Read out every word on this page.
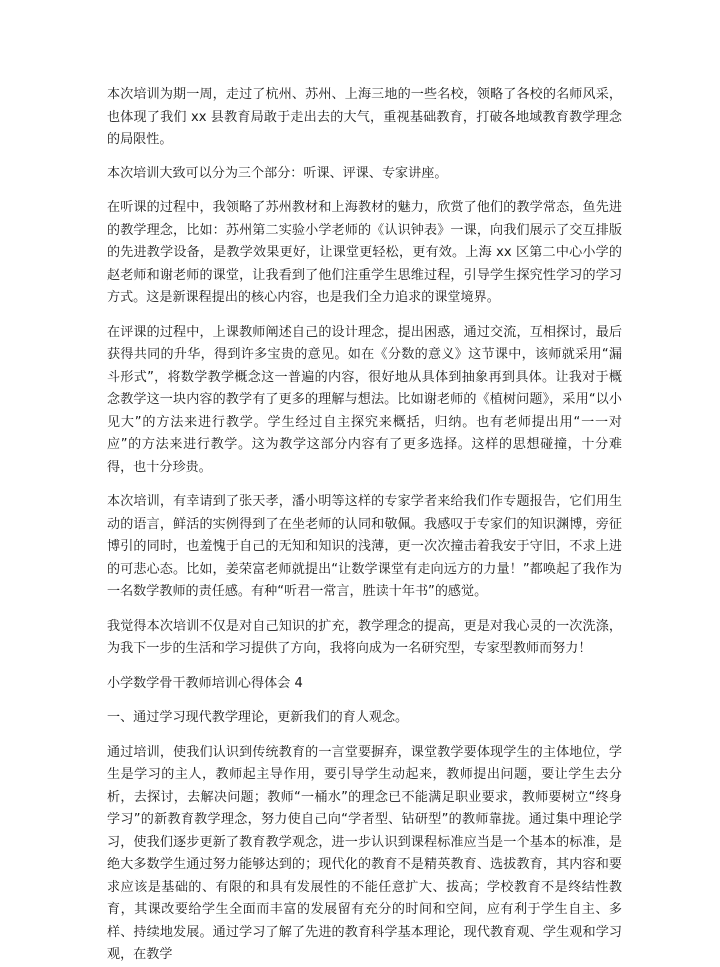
本次培训为期一周，走过了杭州、苏州、上海三地的一些名校，领略了各校的名师风采，也体现了我们 xx 县教育局敢于走出去的大气，重视基础教育，打破各地域教育教学理念的局限性。

本次培训大致可以分为三个部分：听课、评课、专家讲座。

在听课的过程中，我领略了苏州教材和上海教材的魅力，欣赏了他们的教学常态，鱼先进的教学理念，比如：苏州第二实验小学老师的《认识钟表》一课，向我们展示了交互排版的先进教学设备，是教学效果更好，让课堂更轻松，更有效。上海 xx 区第二中心小学的赵老师和谢老师的课堂，让我看到了他们注重学生思维过程，引导学生探究性学习的学习方式。这是新课程提出的核心内容，也是我们全力追求的课堂境界。

在评课的过程中，上课教师阐述自己的设计理念，提出困惑，通过交流，互相探讨，最后获得共同的升华，得到许多宝贵的意见。如在《分数的意义》这节课中，该师就采用“漏斗形式”，将数学教学概念这一普遍的内容，很好地从具体到抽象再到具体。让我对于概念教学这一块内容的教学有了更多的理解与想法。比如谢老师的《植树问题》，采用“以小见大”的方法来进行教学。学生经过自主探究来概括，归纳。也有老师提出用“一一对应”的方法来进行教学。这为教学这部分内容有了更多选择。这样的思想碰撞，十分难得，也十分珍贵。

本次培训，有幸请到了张天孝，潘小明等这样的专家学者来给我们作专题报告，它们用生动的语言，鲜活的实例得到了在坐老师的认同和敬佩。我感叹于专家们的知识渊博，旁征博引的同时，也羞愧于自己的无知和知识的浅薄，更一次次撞击着我安于守旧，不求上进的可悲心态。比如，姜荣富老师就提出“让数学课堂有走向远方的力量！”都唤起了我作为一名数学教师的责任感。有种“听君一常言，胜读十年书”的感觉。

我觉得本次培训不仅是对自己知识的扩充，教学理念的提高，更是对我心灵的一次洗涤，为我下一步的生活和学习提供了方向，我将向成为一名研究型，专家型教师而努力！

小学数学骨干教师培训心得体会 4

一、通过学习现代教学理论，更新我们的育人观念。

通过培训，使我们认识到传统教育的一言堂要摒弃，课堂教学要体现学生的主体地位，学生是学习的主人，教师起主导作用，要引导学生动起来，教师提出问题，要让学生去分析，去探讨，去解决问题；教师“一桶水”的理念已不能满足职业要求，教师要树立“终身学习”的新教育教学理念，努力使自己向“学者型、钻研型”的教师靠拢。通过集中理论学习，使我们逐步更新了教育教学观念，进一步认识到课程标准应当是一个基本的标准，是绝大多数学生通过努力能够达到的；现代化的教育不是精英教育、选拔教育，其内容和要求应该是基础的、有限的和具有发展性的不能任意扩大、拔高；学校教育不是终结性教育，其课改要给学生全面而丰富的发展留有充分的时间和空间，应有利于学生自主、多样、持续地发展。通过学习了解了先进的教育科学基本理论，现代教育观、学生观和学习观，在教学
